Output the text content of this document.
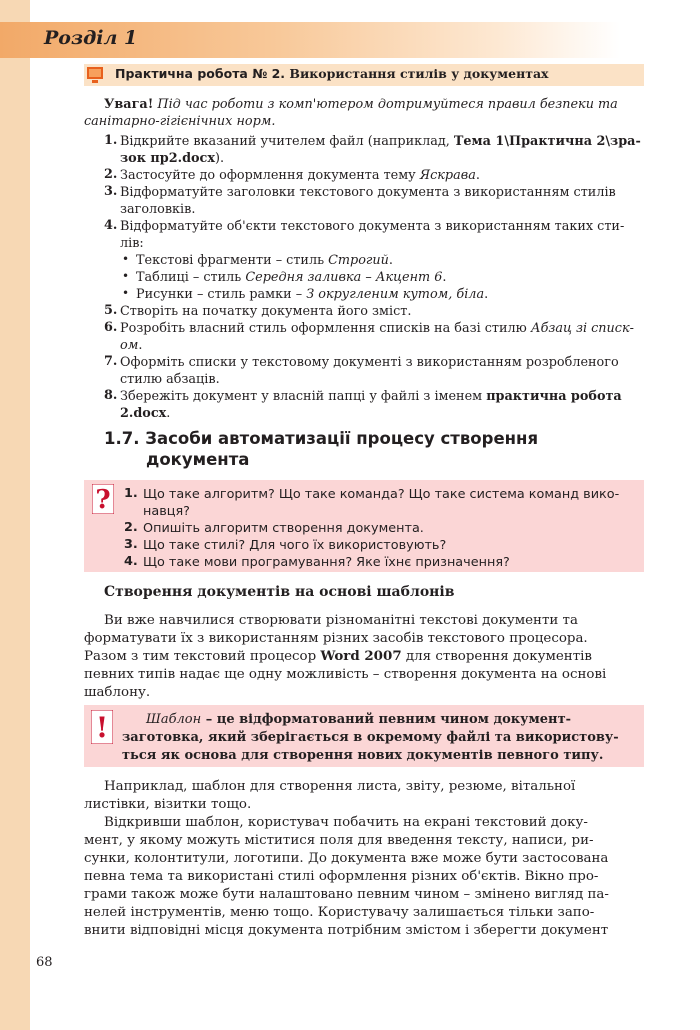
Розділ 1
Практична робота № 2. Використання стилів у документах
Увага! Під час роботи з комп'ютером дотримуйтеся правил безпеки та
санітарно-гігієнічних норм.
1. Відкрийте вказаний учителем файл (наприклад, Тема 1\Практична 2\зра-
зок пр2.docx).
2. Застосуйте до оформлення документа тему Яскрава.
3. Відформатуйте заголовки текстового документа з використанням стилів
заголовків.
4. Відформатуйте об'єкти текстового документа з використанням таких сти-
лів:
• Текстові фрагменти – стиль Строгий.
• Таблиці – стиль Середня заливка – Акцент 6.
• Рисунки – стиль рамки – З округленим кутом, біла.
5. Створіть на початку документа його зміст.
6. Розробіть власний стиль оформлення списків на базі стилю Абзац зі списк-
ом.
7. Оформіть списки у текстовому документі з використанням розробленого
стилю абзаців.
8. Збережіть документ у власній папці у файлі з іменем практична робота
2.docx.
1.7. Засоби автоматизації процесу створення
документа
? 1. Що таке алгоритм? Що таке команда? Що таке система команд вико-
навця?
2. Опишіть алгоритм створення документа.
3. Що таке стилі? Для чого їх використовують?
4. Що таке мови програмування? Яке їхнє призначення?
Створення документів на основі шаблонів
Ви вже навчилися створювати різноманітні текстові документи та
форматувати їх з використанням різних засобів текстового процесора.
Разом з тим текстовий процесор Word 2007 для створення документів
певних типів надає ще одну можливість – створення документа на основі
шаблону.
!	Шаблон – це відформатований певним чином документ-
заготовка, який зберігається в окремому файлі та використову-
ться як основа для створення нових документів певного типу.
Наприклад, шаблон для створення листа, звіту, резюме, вітальної
листівки, візитки тощо.
Відкривши шаблон, користувач побачить на екрані текстовий доку-
мент, у якому можуть міститися поля для введення тексту, написи, ри-
сунки, колонтитули, логотипи. До документа вже може бути застосована
певна тема та використані стилі оформлення різних об'єктів. Вікно про-
грами також може бути налаштовано певним чином – змінено вигляд па-
нелей інструментів, меню тощо. Користувачу залишається тільки запо-
внити відповідні місця документа потрібним змістом і зберегти документ
68
